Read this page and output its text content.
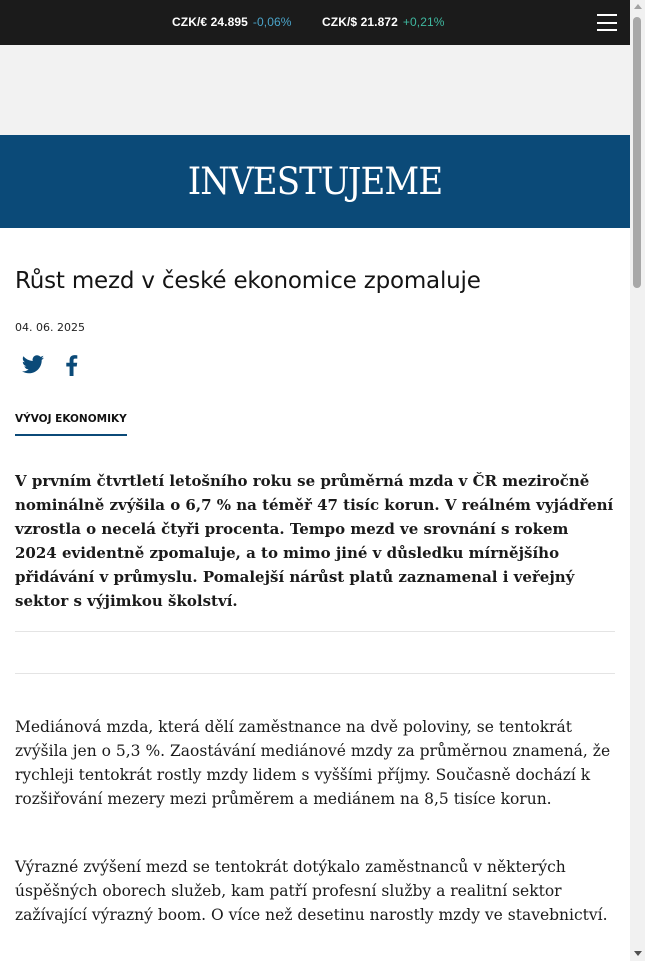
CZK/€ 24.895 -0,06%	CZK/$ 21.872 +0,21%
INVESTUJEME
Růst mezd v české ekonomice zpomaluje
04. 06. 2025
VÝVOJ EKONOMIKY

V prvním čtvrtletí letošního roku se průměrná mzda v ČR meziročně nominálně zvýšila o 6,7 % na téměř 47 tisíc korun. V reálném vyjádření vzrostla o necelá čtyři procenta. Tempo mezd ve srovnání s rokem 2024 evidentně zpomaluje, a to mimo jiné v důsledku mírnějšího přidávání v průmyslu. Pomalejší nárůst platů zaznamenal i veřejný sektor s výjimkou školství.

Mediánová mzda, která dělí zaměstnance na dvě poloviny, se tentokrát zvýšila jen o 5,3 %. Zaostávání mediánové mzdy za průměrnou znamená, že rychleji tentokrát rostly mzdy lidem s vyššími příjmy. Současně dochází k rozšiřování mezery mezi průměrem a mediánem na 8,5 tisíce korun.

Výrazné zvýšení mezd se tentokrát dotýkalo zaměstnanců v některých úspěšných oborech služeb, kam patří profesní služby a realitní sektor zažívající výrazný boom. O více než desetinu narostly mzdy ve stavebnictví.
